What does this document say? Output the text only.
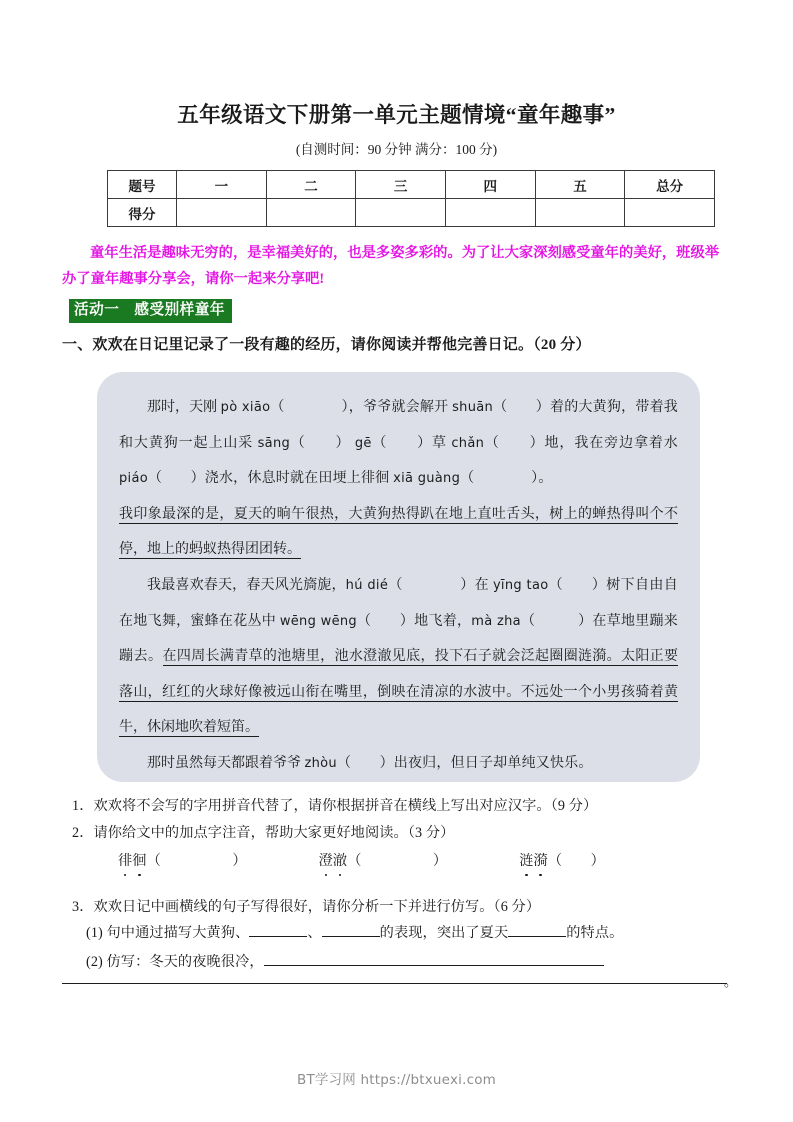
五年级语文下册第一单元主题情境“童年趣事”
(自测时间：90 分钟 满分：100 分)
题号	一	二	三	四	五	总分
得分						
童年生活是趣味无穷的，是幸福美好的，也是多姿多彩的。为了让大家深刻感受童年的美好，班级举办了童年趣事分享会，请你一起来分享吧!
活动一　感受别样童年
一、欢欢在日记里记录了一段有趣的经历，请你阅读并帮他完善日记。（20 分）

那时，天刚 pò xiāo（　　　　），爷爷就会解开 shuān（　　）着的大黄狗，带着我和大黄狗一起上山采 sāng（　　） gē（　　）草 chǎn（　　）地，我在旁边拿着水 piáo（　　）浇水，休息时就在田埂上徘徊 xiā guàng（　　　　）。

我印象最深的是，夏天的晌午很热，大黄狗热得趴在地上直吐舌头，树上的蝉热得叫个不停，地上的蚂蚁热得团团转。

我最喜欢春天，春天风光旖旎，hú dié（　　　　）在 yīng tao（　　）树下自由自在地飞舞，蜜蜂在花丛中 wēng wēng（　　）地飞着，mà zha（　　　）在草地里蹦来蹦去。在四周长满青草的池塘里，池水澄澈见底，投下石子就会泛起圈圈涟漪。太阳正要落山，红红的火球好像被远山衔在嘴里，倒映在清凉的水波中。不远处一个小男孩骑着黄牛，休闲地吹着短笛。

那时虽然每天都跟着爷爷 zhòu（　　）出夜归，但日子却单纯又快乐。

1．欢欢将不会写的字用拼音代替了，请你根据拼音在横线上写出对应汉字。（9 分）
2．请你给文中的加点字注音，帮助大家更好地阅读。（3 分）
徘徊（　　　　　）	澄澈（　　　　　）	涟漪（　　）
3．欢欢日记中画横线的句子写得很好，请你分析一下并进行仿写。（6 分）
(1) 句中通过描写大黄狗、	、	的表现，突出了夏天	的特点。
(2) 仿写：冬天的夜晚很冷，
。
BT学习网 https://btxuexi.com
